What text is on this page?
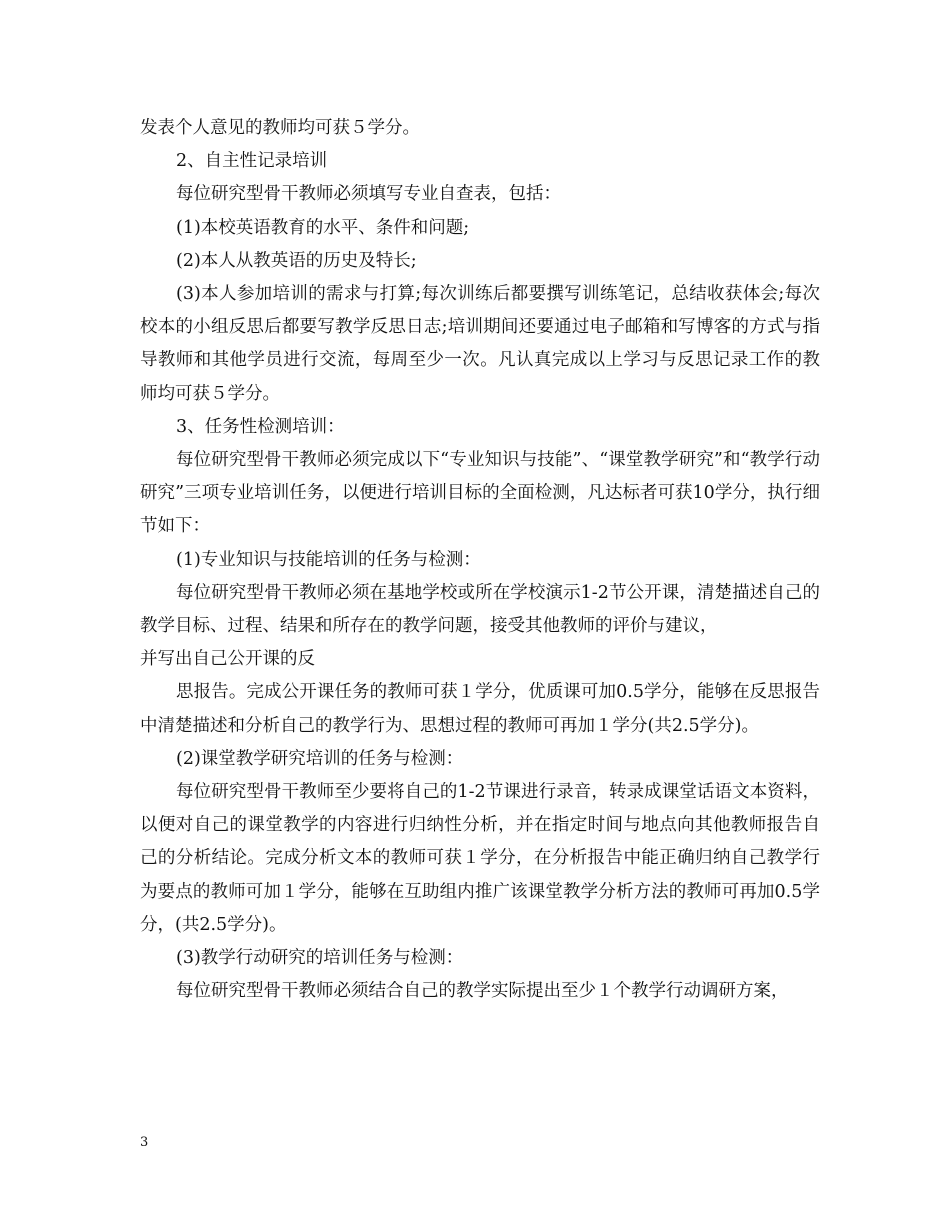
发表个人意见的教师均可获５学分。

2、自主性记录培训

每位研究型骨干教师必须填写专业自查表，包括：

(1)本校英语教育的水平、条件和问题;

(2)本人从教英语的历史及特长;

(3)本人参加培训的需求与打算;每次训练后都要撰写训练笔记，总结收获体会;每次校本的小组反思后都要写教学反思日志;培训期间还要通过电子邮箱和写博客的方式与指导教师和其他学员进行交流，每周至少一次。凡认真完成以上学习与反思记录工作的教师均可获５学分。

3、任务性检测培训：

每位研究型骨干教师必须完成以下“专业知识与技能”、“课堂教学研究”和“教学行动研究”三项专业培训任务，以便进行培训目标的全面检测，凡达标者可获10学分，执行细节如下：

(1)专业知识与技能培训的任务与检测：

每位研究型骨干教师必须在基地学校或所在学校演示1-2节公开课，清楚描述自己的教学目标、过程、结果和所存在的教学问题，接受其他教师的评价与建议，

并写出自己公开课的反

思报告。完成公开课任务的教师可获１学分，优质课可加0.5学分，能够在反思报告中清楚描述和分析自己的教学行为、思想过程的教师可再加１学分(共2.5学分)。

(2)课堂教学研究培训的任务与检测：

每位研究型骨干教师至少要将自己的1-2节课进行录音，转录成课堂话语文本资料，以便对自己的课堂教学的内容进行归纳性分析，并在指定时间与地点向其他教师报告自己的分析结论。完成分析文本的教师可获１学分，在分析报告中能正确归纳自己教学行为要点的教师可加１学分，能够在互助组内推广该课堂教学分析方法的教师可再加0.5学分，(共2.5学分)。

(3)教学行动研究的培训任务与检测：

每位研究型骨干教师必须结合自己的教学实际提出至少１个教学行动调研方案，

3
